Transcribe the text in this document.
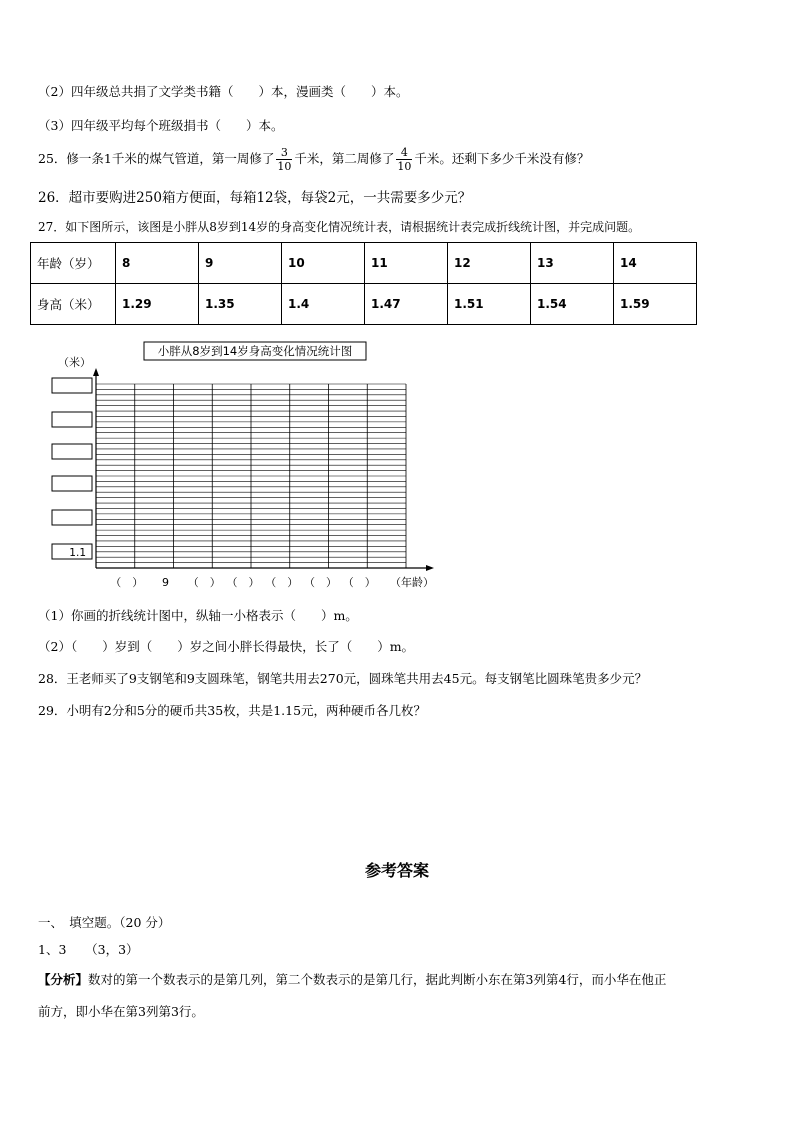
（2）四年级总共捐了文学类书籍（　　）本，漫画类（　　）本。
（3）四年级平均每个班级捐书（　　）本。
25．修一条1千米的煤气管道，第一周修了 $\frac{3}{10}$ 千米，第二周修了 $\frac{4}{10}$ 千米。还剩下多少千米没有修？
26．超市要购进250箱方便面，每箱12袋，每袋2元，一共需要多少元？
27．如下图所示，该图是小胖从8岁到14岁的身高变化情况统计表，请根据统计表完成折线统计图，并完成问题。
年龄（岁）	8	9	10	11	12	13	14
身高（米）	1.29	1.35	1.4	1.47	1.51	1.54	1.59
小胖从8岁到14岁身高变化情况统计图
（米）
1.1
（　） 9 （　） （　） （　） （　） （　） （年龄）
（1）你画的折线统计图中，纵轴一小格表示（　　）m。
（2）（　　）岁到（　　）岁之间小胖长得最快，长了（　　）m。
28．王老师买了9支钢笔和9支圆珠笔，钢笔共用去270元，圆珠笔共用去45元。每支钢笔比圆珠笔贵多少元？
29．小明有2分和5分的硬币共35枚，共是1.15元，两种硬币各几枚？
参考答案
一、　填空题。（20 分）
1、3　　（3，3）
【分析】数对的第一个数表示的是第几列，第二个数表示的是第几行，据此判断小东在第3列第4行，而小华在他正
前方，即小华在第3列第3行。
